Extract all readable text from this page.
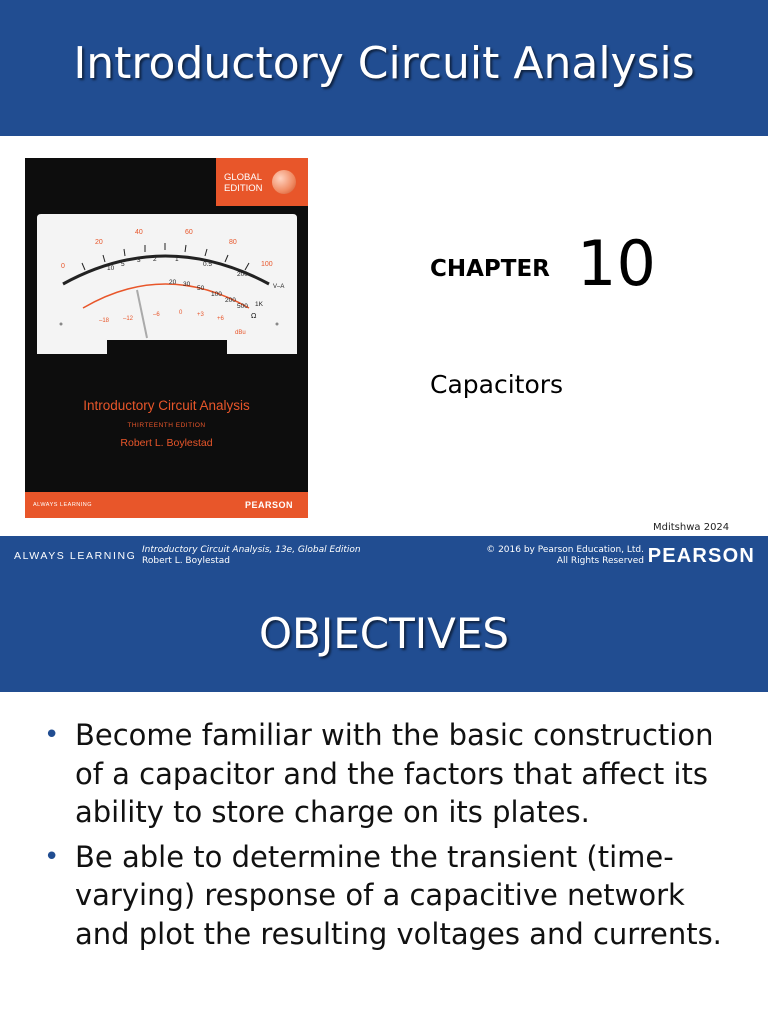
Introductory Circuit Analysis
20
40	60
80
100
0
V–A
10
5
3 2	1
0.5
200
20 30
50
100
200
500 1K
Ω
–18 –12
–6	0 +3
+6
dBu
GLOBAL
EDITION
Introductory Circuit Analysis
THIRTEENTH EDITION
Robert L. Boylestad
ALWAYS LEARNING	PEARSON
CHAPTER 10
Capacitors
Mditshwa 2024
ALWAYS LEARNING Introductory Circuit Analysis, 13e, Global Edition
Robert L. Boylestad
© 2016 by Pearson Education, Ltd.
All Rights Reserved PEARSON
OBJECTIVES
• Become familiar with the basic construction of a capacitor and the factors that affect its ability to store charge on its plates.
• Be able to determine the transient (time-varying) response of a capacitive network and plot the resulting voltages and currents.
